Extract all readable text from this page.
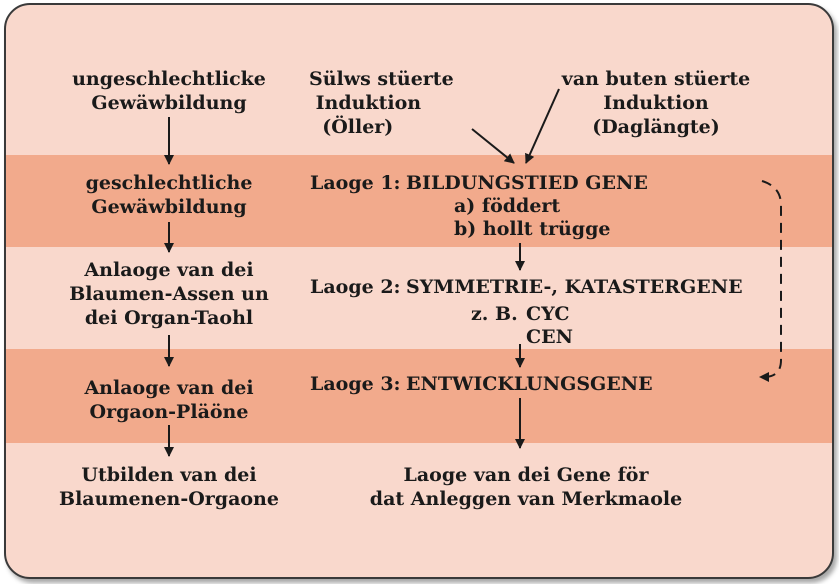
ungeschlechtlicke
Gewäwbildung

geschlechtliche
Gewäwbildung

Anlaoge van dei
Blaumen-Assen un
dei Organ-Taohl

Anlaoge van dei
Orgaon-Pläöne

Utbilden van dei
Blaumenen-Orgaone

Sülws stüerte
Induktion
(Öller)

van buten stüerte
Induktion
(Daglängte)

Laoge 1: BILDUNGSTIED GENE

a) föddert

b) hollt trügge

Laoge 2: SYMMETRIE-, KATASTERGENE

z. B. CYC

CEN

Laoge 3: ENTWICKLUNGSGENE

Laoge van dei Gene för
dat Anleggen van Merkmaole
